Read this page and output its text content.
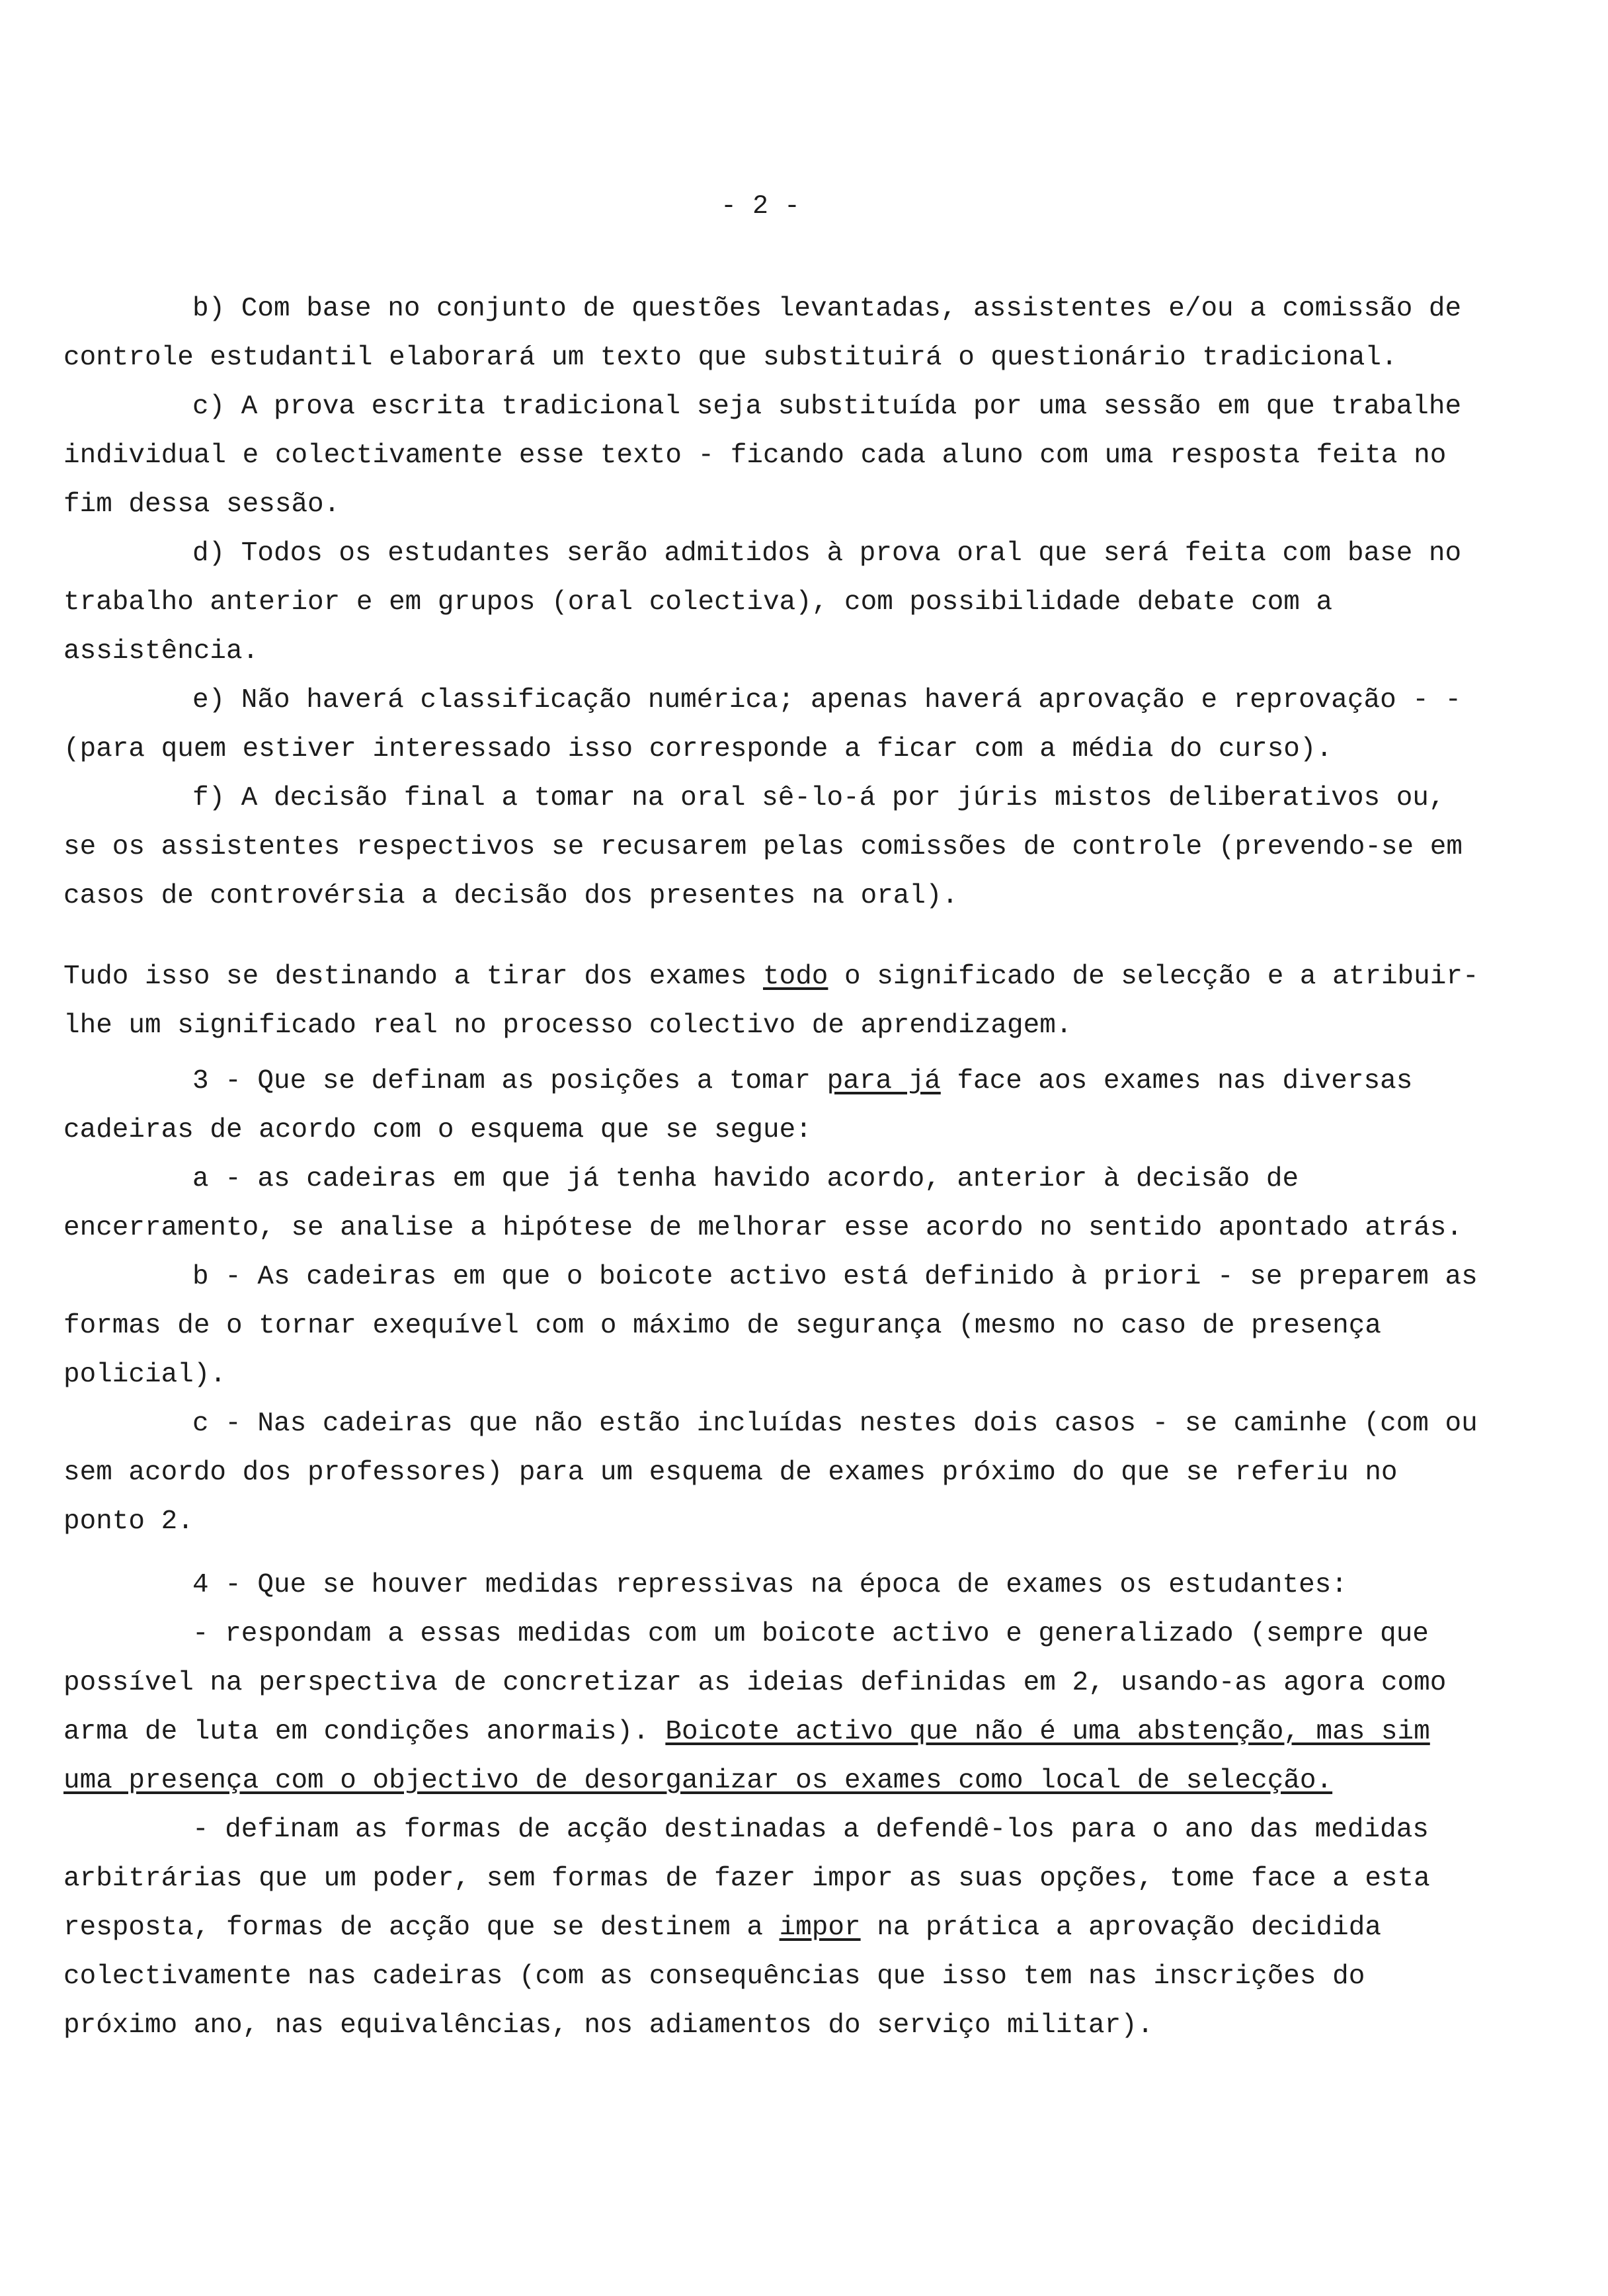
- 2 -

b) Com base no conjunto de questões levantadas, assistentes e/ou a comissão de controle estudantil elaborará um texto que substituirá o questionário tradicional.

c) A prova escrita tradicional seja substituída por uma sessão em que trabalhe individual e colectivamente esse texto - ficando cada aluno com uma resposta feita no fim dessa sessão.

d) Todos os estudantes serão admitidos à prova oral que será feita com base no trabalho anterior e em grupos (oral colectiva), com possibilidade debate com a assistência.

e) Não haverá classificação numérica; apenas haverá aprovação e reprovação - - (para quem estiver interessado isso corresponde a ficar com a média do curso).

f) A decisão final a tomar na oral sê-lo-á por júris mistos deliberativos ou, se os assistentes respectivos se recusarem pelas comissões de controle (prevendo-se em casos de controvérsia a decisão dos presentes na oral).

Tudo isso se destinando a tirar dos exames todo o significado de selecção e a atribuir-lhe um significado real no processo colectivo de aprendizagem.

3 - Que se definam as posições a tomar para já face aos exames nas diversas cadeiras de acordo com o esquema que se segue:

a - as cadeiras em que já tenha havido acordo, anterior à decisão de encerramento, se analise a hipótese de melhorar esse acordo no sentido apontado atrás.

b - As cadeiras em que o boicote activo está definido à priori - se preparem as formas de o tornar exequível com o máximo de segurança (mesmo no caso de presença policial).

c - Nas cadeiras que não estão incluídas nestes dois casos - se caminhe (com ou sem acordo dos professores) para um esquema de exames próximo do que se referiu no ponto 2.

4 - Que se houver medidas repressivas na época de exames os estudantes:

- respondam a essas medidas com um boicote activo e generalizado (sempre que possível na perspectiva de concretizar as ideias definidas em 2, usando-as agora como arma de luta em condições anormais). Boicote activo que não é uma abstenção, mas sim uma presença com o objectivo de desorganizar os exames como local de selecção.

- definam as formas de acção destinadas a defendê-los para o ano das medidas arbitrárias que um poder, sem formas de fazer impor as suas opções, tome face a esta resposta, formas de acção que se destinem a impor na prática a aprovação decidida colectivamente nas cadeiras (com as consequências que isso tem nas inscrições do próximo ano, nas equivalências, nos adiamentos do serviço militar).
